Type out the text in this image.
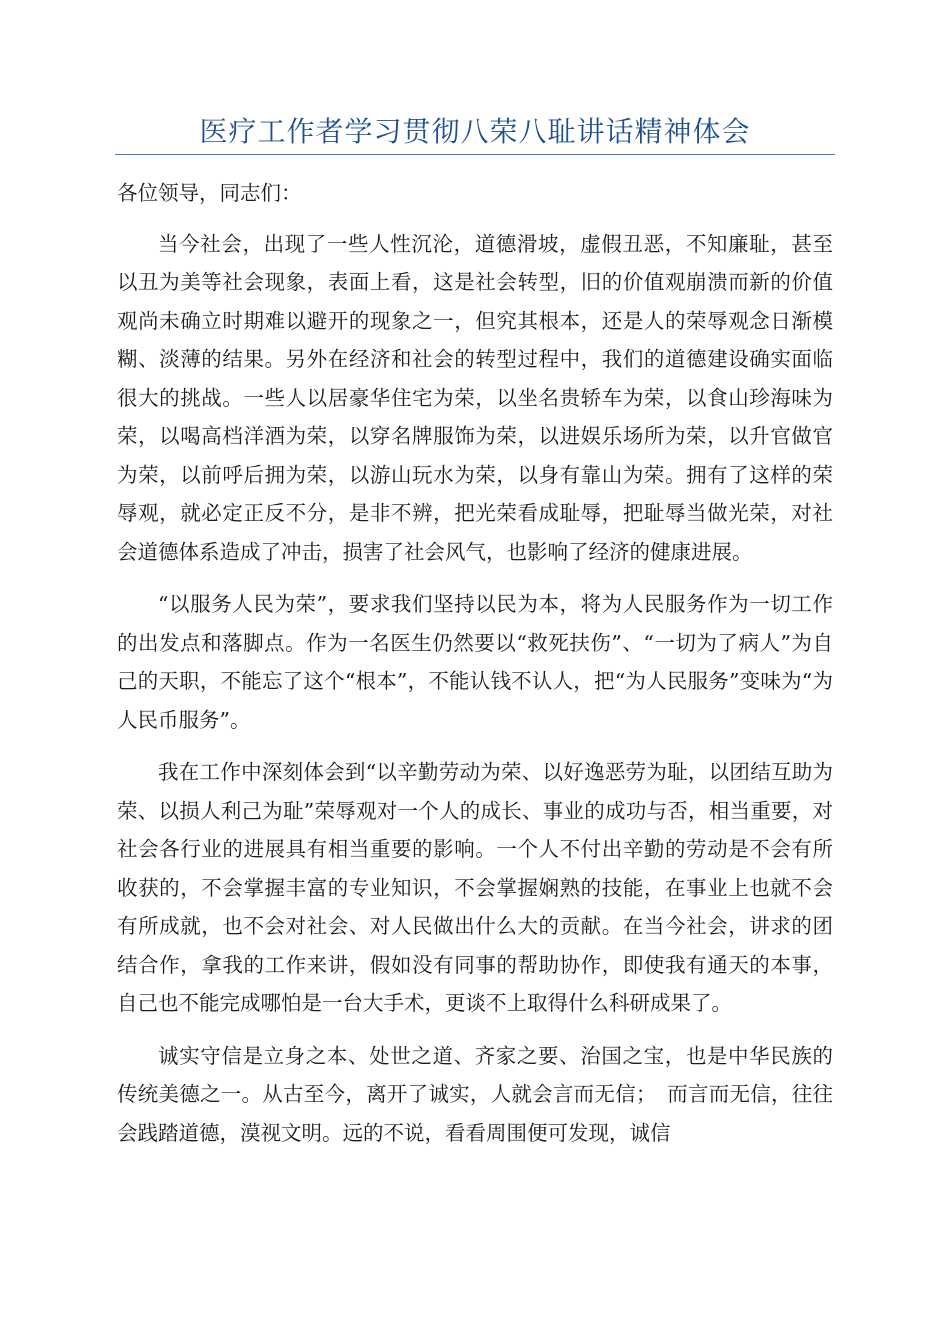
医疗工作者学习贯彻八荣八耻讲话精神体会

各位领导，同志们：

当今社会，出现了一些人性沉沦，道德滑坡，虚假丑恶，不知廉耻，甚至以丑为美等社会现象，表面上看，这是社会转型，旧的价值观崩溃而新的价值观尚未确立时期难以避开的现象之一，但究其根本，还是人的荣辱观念日渐模糊、淡薄的结果。另外在经济和社会的转型过程中，我们的道德建设确实面临很大的挑战。一些人以居豪华住宅为荣，以坐名贵轿车为荣，以食山珍海味为荣，以喝高档洋酒为荣，以穿名牌服饰为荣，以进娱乐场所为荣，以升官做官为荣，以前呼后拥为荣，以游山玩水为荣，以身有靠山为荣。拥有了这样的荣辱观，就必定正反不分，是非不辨，把光荣看成耻辱，把耻辱当做光荣，对社会道德体系造成了冲击，损害了社会风气，也影响了经济的健康进展。

“以服务人民为荣”，要求我们坚持以民为本，将为人民服务作为一切工作的出发点和落脚点。作为一名医生仍然要以“救死扶伤”、“一切为了病人”为自己的天职，不能忘了这个“根本”，不能认钱不认人，把“为人民服务”变味为“为人民币服务”。

我在工作中深刻体会到“以辛勤劳动为荣、以好逸恶劳为耻，以团结互助为荣、以损人利己为耻”荣辱观对一个人的成长、事业的成功与否，相当重要，对社会各行业的进展具有相当重要的影响。一个人不付出辛勤的劳动是不会有所收获的，不会掌握丰富的专业知识，不会掌握娴熟的技能，在事业上也就不会有所成就，也不会对社会、对人民做出什么大的贡献。在当今社会，讲求的团结合作，拿我的工作来讲，假如没有同事的帮助协作，即使我有通天的本事，自己也不能完成哪怕是一台大手术，更谈不上取得什么科研成果了。

诚实守信是立身之本、处世之道、齐家之要、治国之宝，也是中华民族的传统美德之一。从古至今，离开了诚实，人就会言而无信；　而言而无信，往往会践踏道德，漠视文明。远的不说，看看周围便可发现，诚信
